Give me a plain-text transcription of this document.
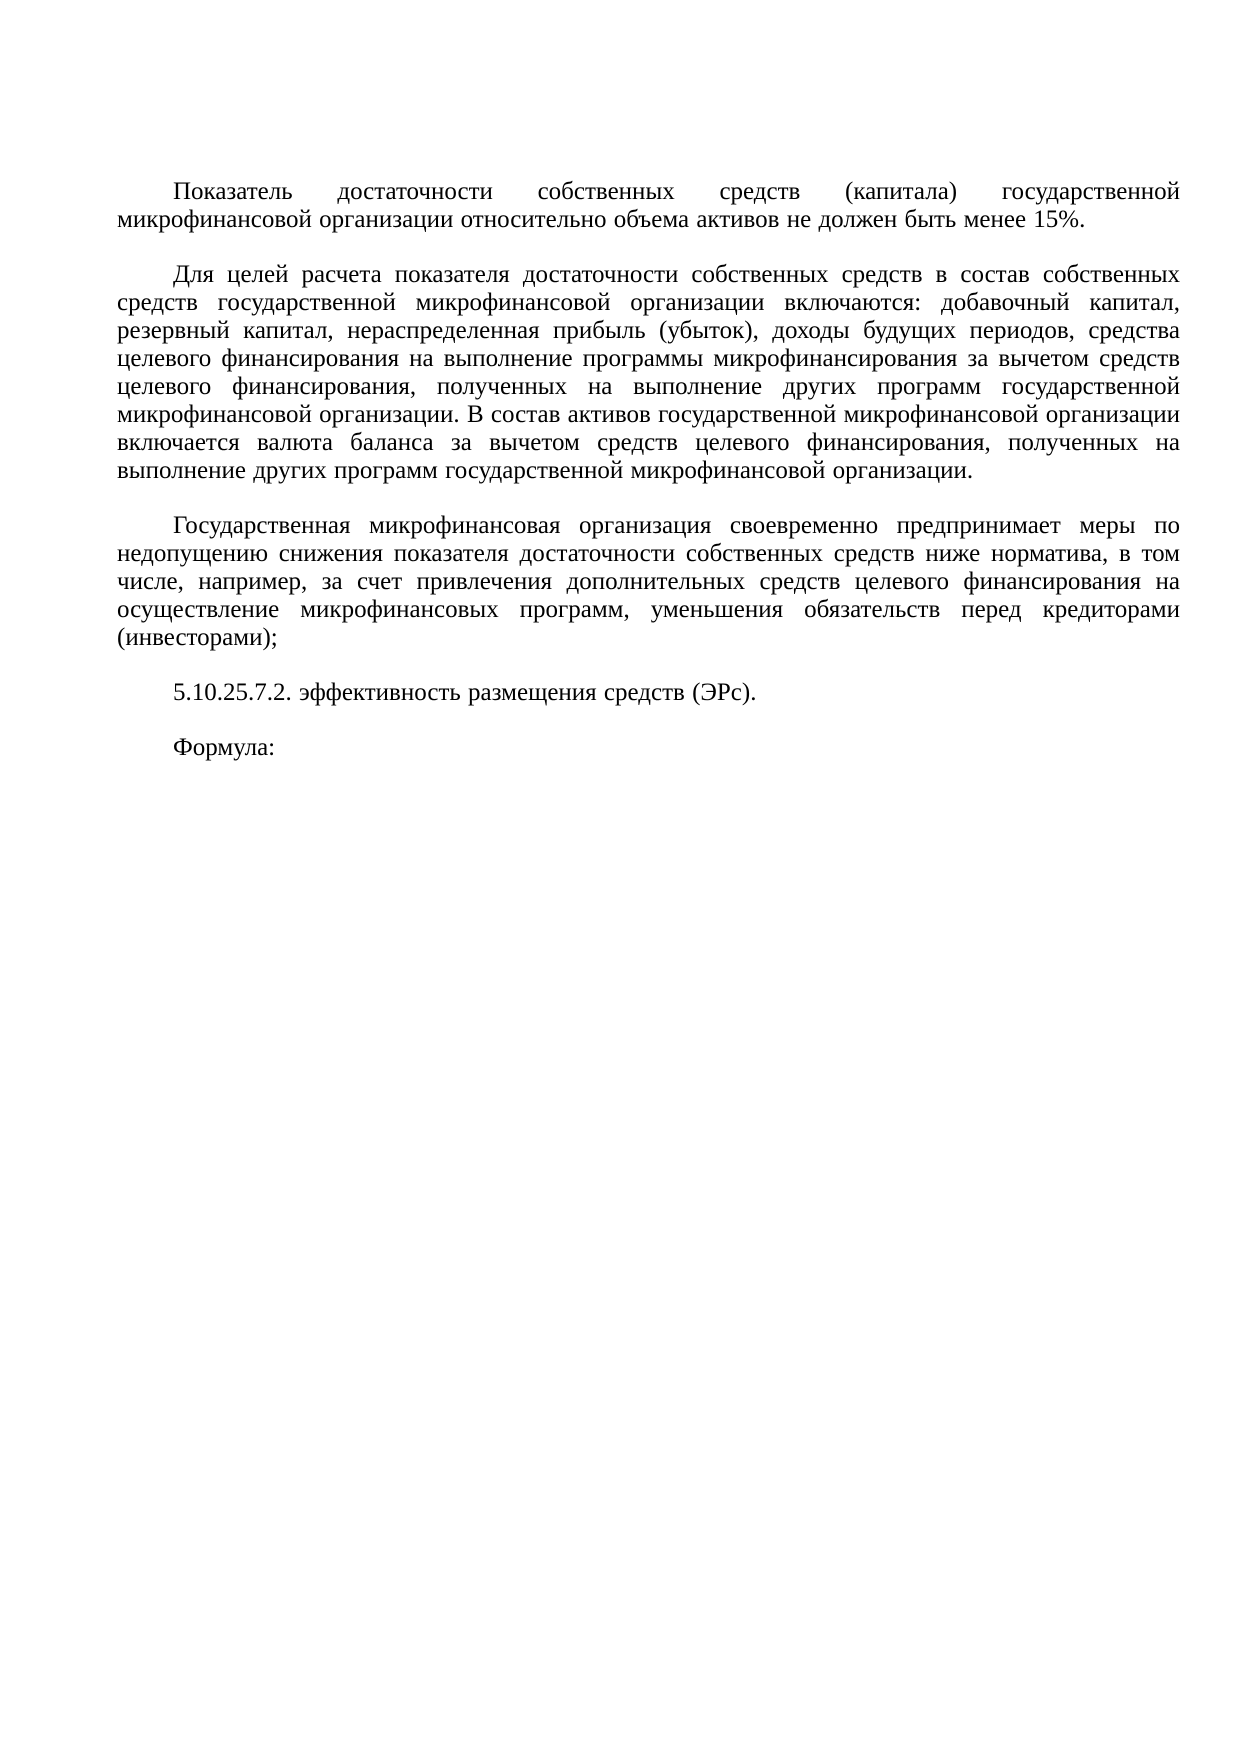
Показатель достаточности собственных средств (капитала) государственной микрофинансовой организации относительно объема активов не должен быть менее 15%.

Для целей расчета показателя достаточности собственных средств в состав собственных средств государственной микрофинансовой организации включаются: добавочный капитал, резервный капитал, нераспределенная прибыль (убыток), доходы будущих периодов, средства целевого финансирования на выполнение программы микрофинансирования за вычетом средств целевого финансирования, полученных на выполнение других программ государственной микрофинансовой организации. В состав активов государственной микрофинансовой организации включается валюта баланса за вычетом средств целевого финансирования, полученных на выполнение других программ государственной микрофинансовой организации.

Государственная микрофинансовая организация своевременно предпринимает меры по недопущению снижения показателя достаточности собственных средств ниже норматива, в том числе, например, за счет привлечения дополнительных средств целевого финансирования на осуществление микрофинансовых программ, уменьшения обязательств перед кредиторами (инвесторами);

5.10.25.7.2. эффективность размещения средств (ЭРс).

Формула:
